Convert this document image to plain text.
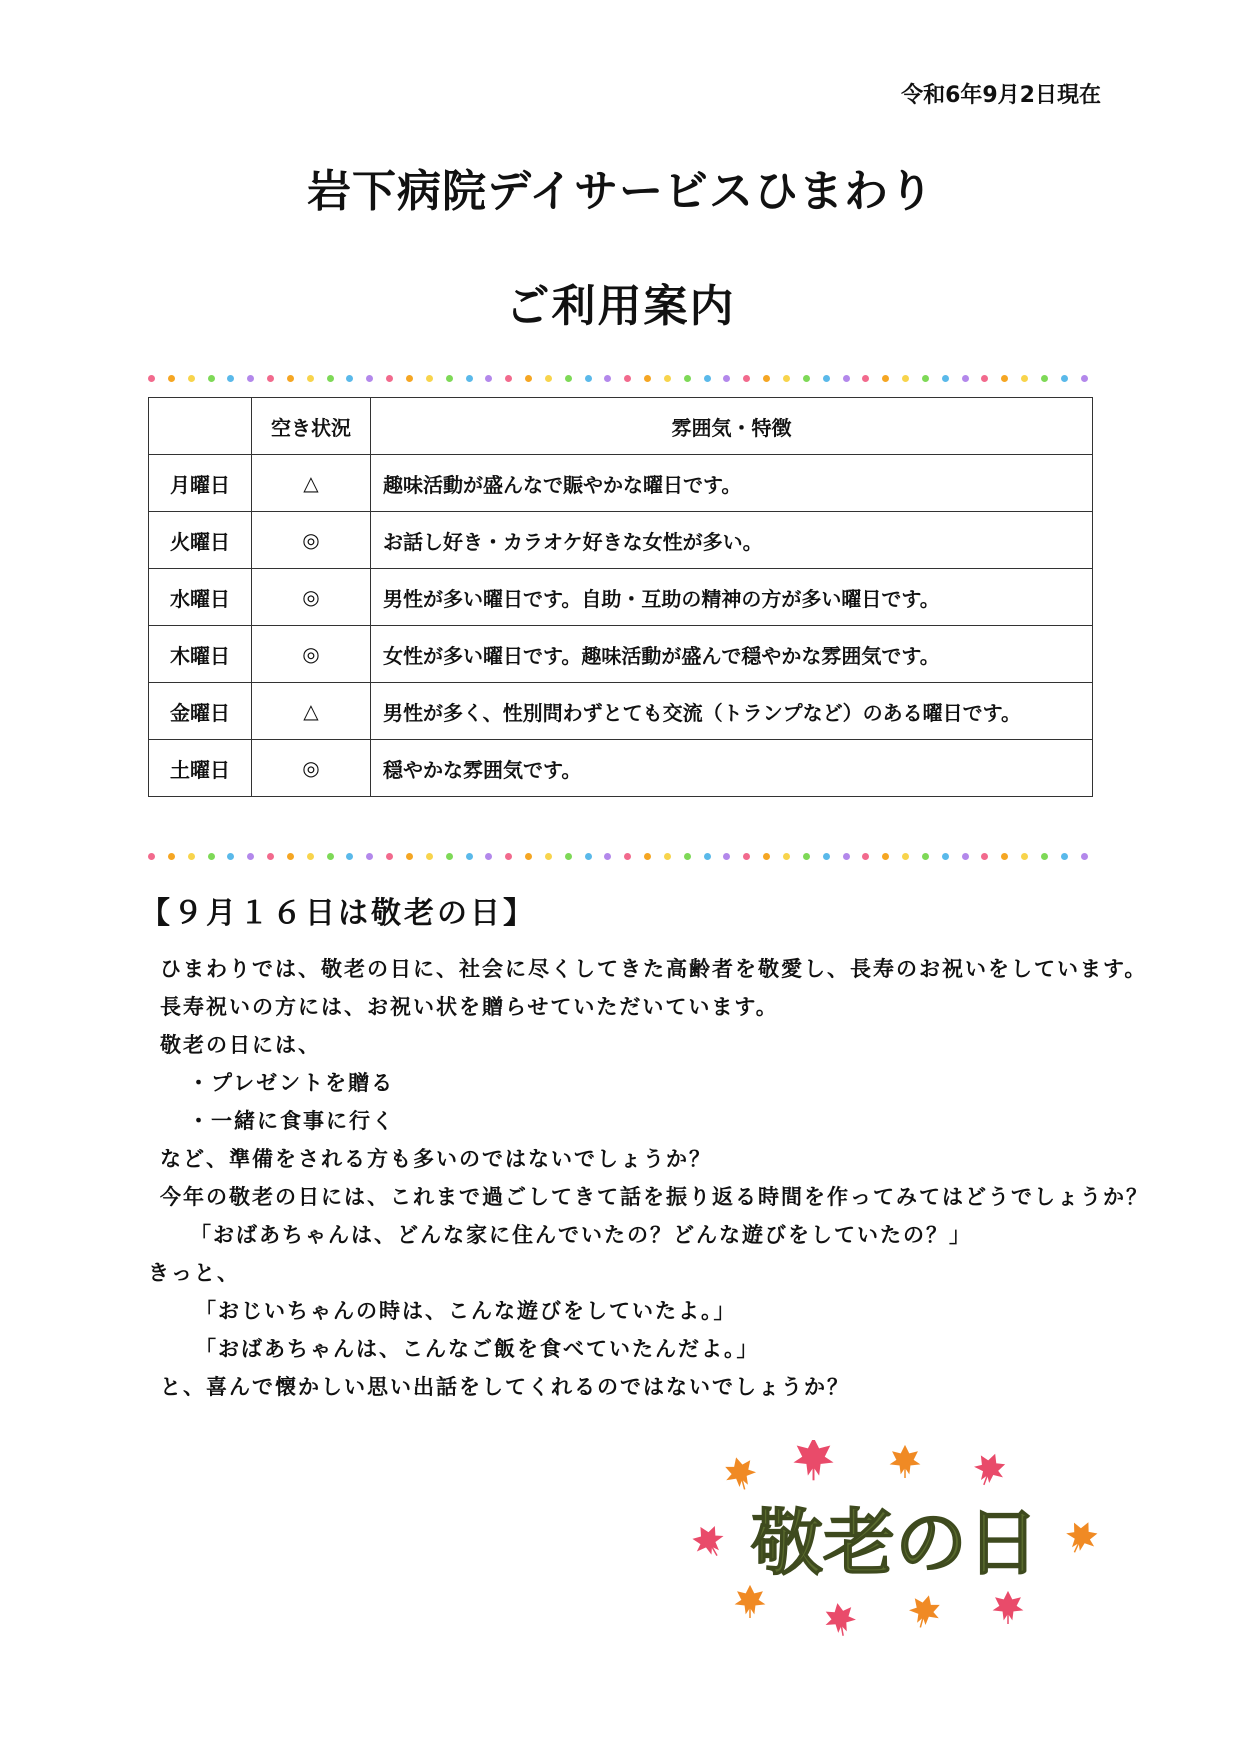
令和6年9月2日現在
岩下病院デイサービスひまわり
ご利用案内
	空き状況	雰囲気・特徴
月曜日	△	趣味活動が盛んなで賑やかな曜日です。
火曜日	◎	お話し好き・カラオケ好きな女性が多い。
水曜日	◎	男性が多い曜日です。自助・互助の精神の方が多い曜日です。
木曜日	◎	女性が多い曜日です。趣味活動が盛んで穏やかな雰囲気です。
金曜日	△	男性が多く、性別問わずとても交流（トランプなど）のある曜日です。
土曜日	◎	穏やかな雰囲気です。
【９月１６日は敬老の日】
ひまわりでは、敬老の日に、社会に尽くしてきた高齢者を敬愛し、長寿のお祝いをしています。
長寿祝いの方には、お祝い状を贈らせていただいています。
敬老の日には、
・プレゼントを贈る
・一緒に食事に行く
など、準備をされる方も多いのではないでしょうか？
今年の敬老の日には、これまで過ごしてきて話を振り返る時間を作ってみてはどうでしょうか？
「おばあちゃんは、どんな家に住んでいたの？どんな遊びをしていたの？」
きっと、
「おじいちゃんの時は、こんな遊びをしていたよ。」
「おばあちゃんは、こんなご飯を食べていたんだよ。」
と、喜んで懐かしい思い出話をしてくれるのではないでしょうか？
敬老の日
